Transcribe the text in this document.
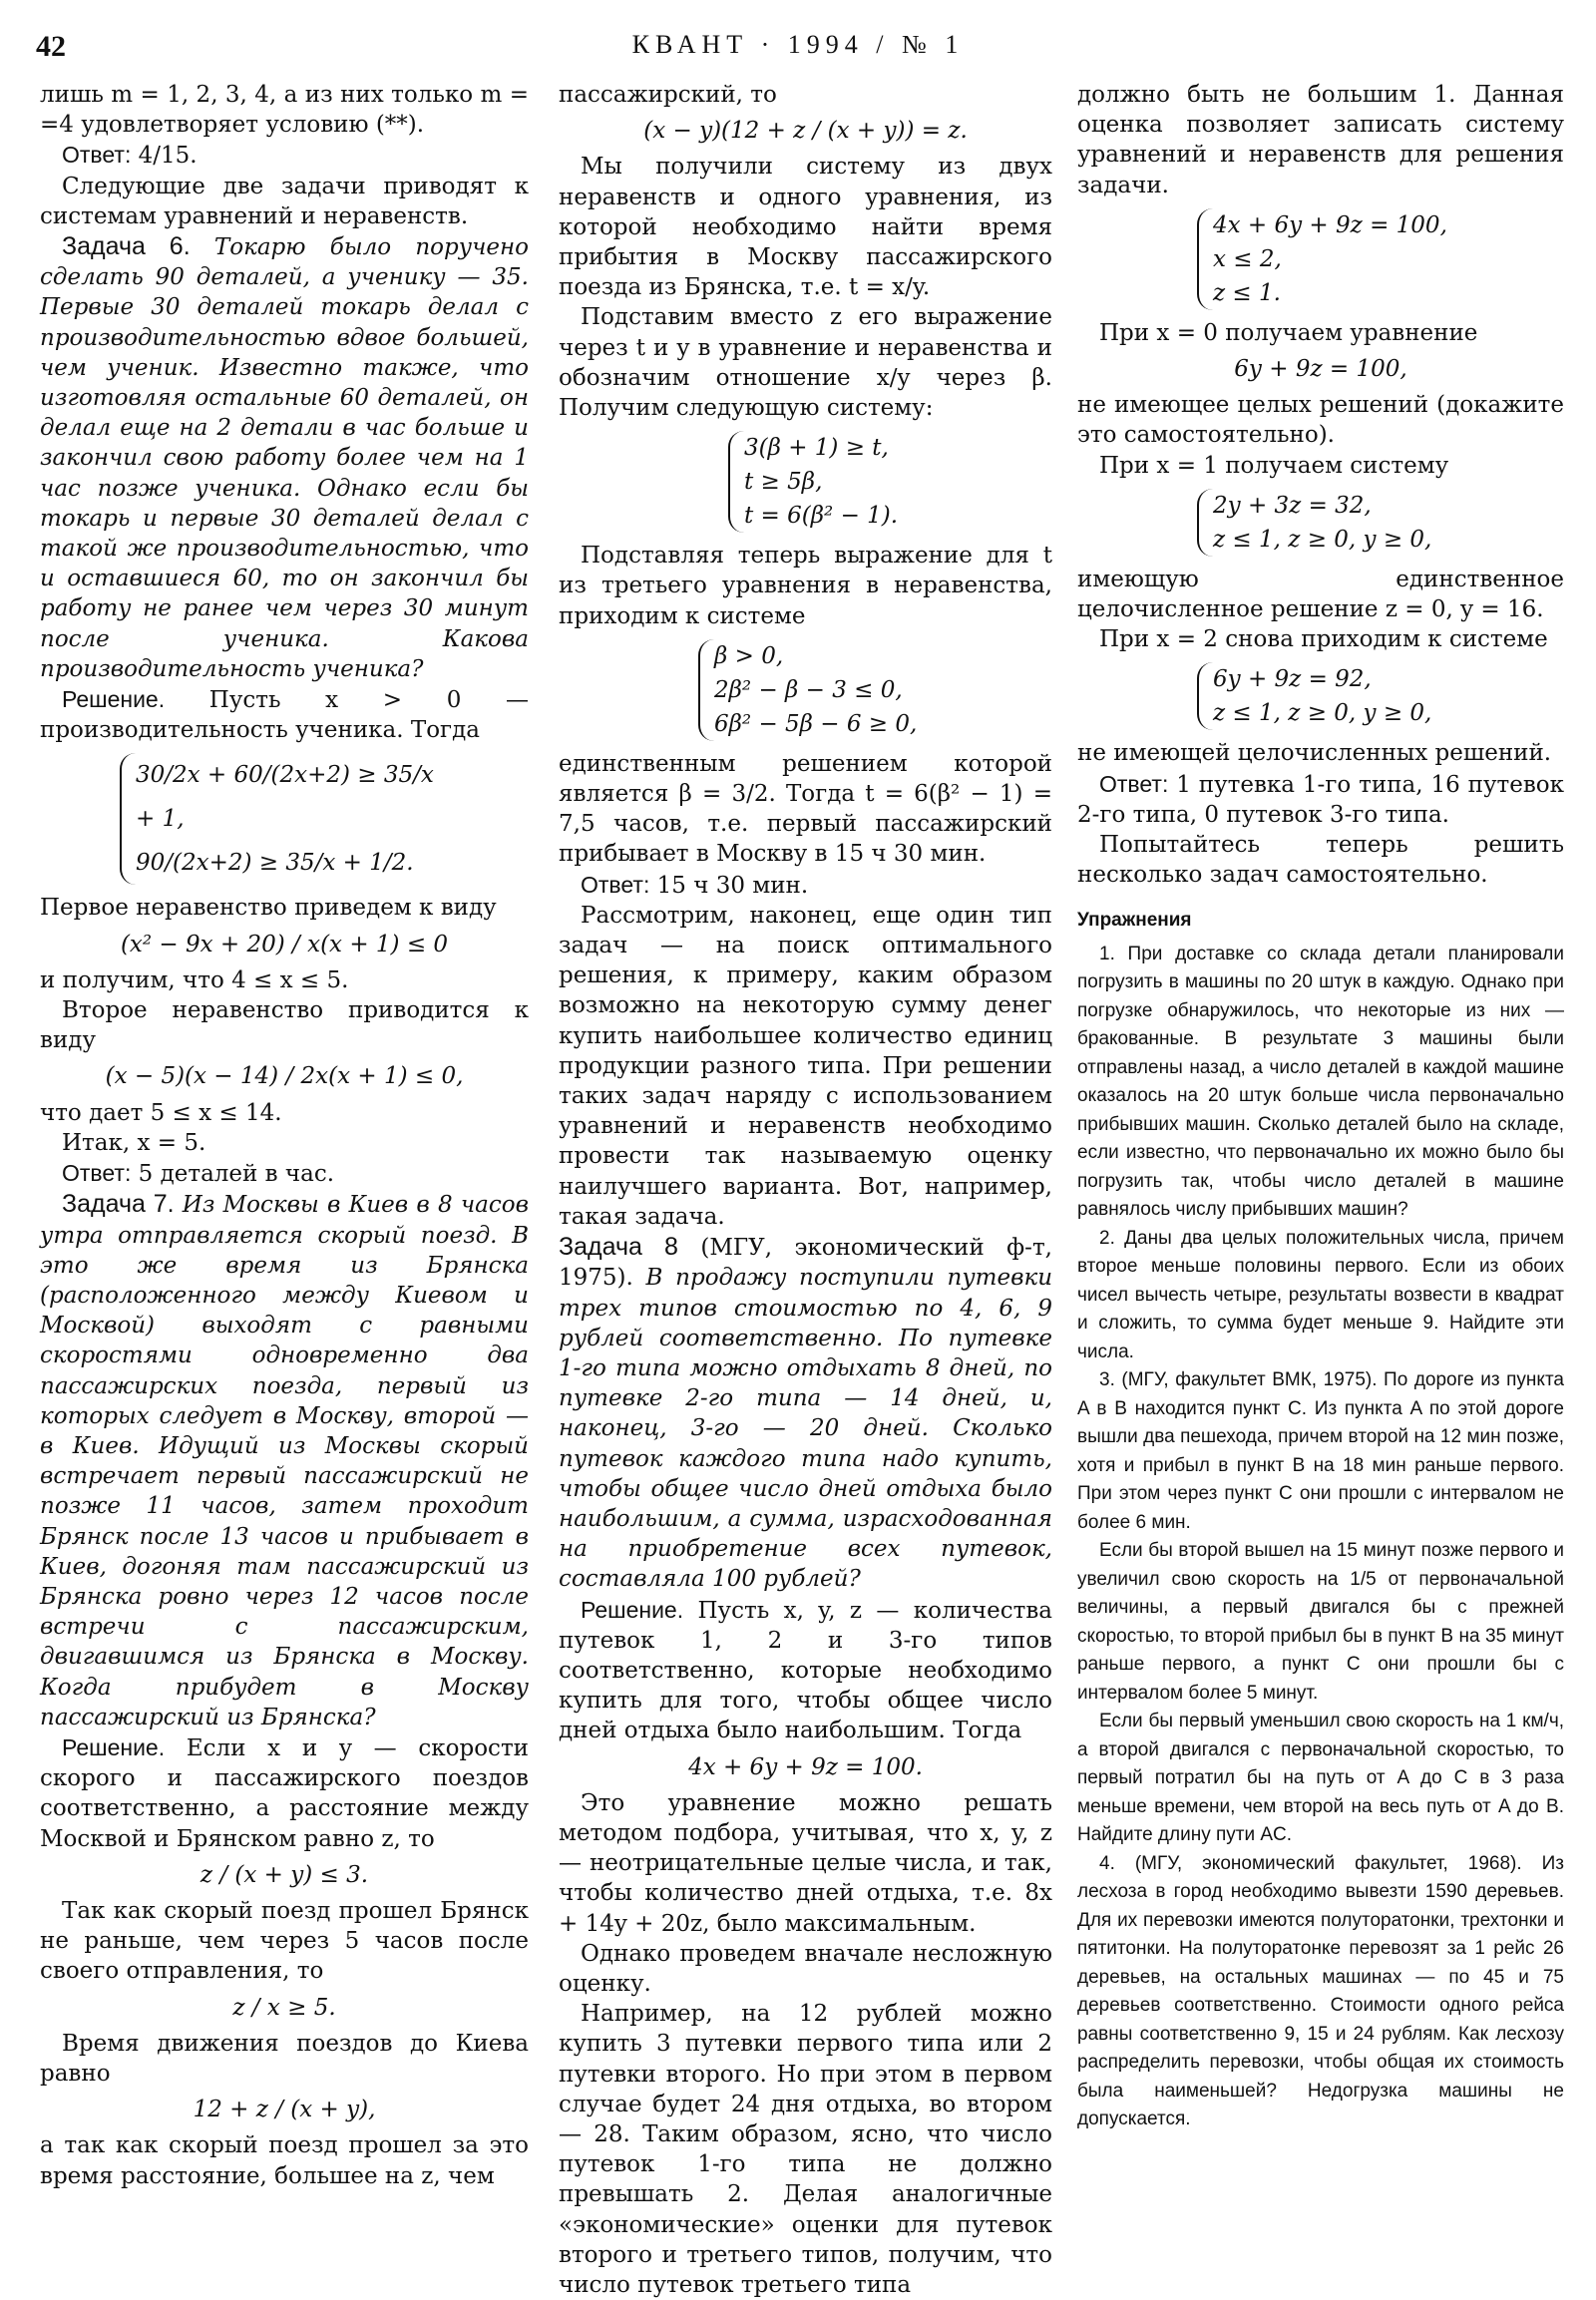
42	КВАНТ · 1994 / № 1

лишь m = 1, 2, 3, 4, а из них только m = =4 удовлетворяет условию (**).

Ответ: 4/15.

Следующие две задачи приводят к системам уравнений и неравенств.

Задача 6. Токарю было поручено сделать 90 деталей, а ученику — 35. Первые 30 деталей токарь делал с производительностью вдвое большей, чем ученик. Известно также, что изготовляя остальные 60 деталей, он делал еще на 2 детали в час больше и закончил свою работу более чем на 1 час позже ученика. Однако если бы токарь и первые 30 деталей делал с такой же производительностью, что и оставшиеся 60, то он закончил бы работу не ранее чем через 30 минут после ученика. Какова производительность ученика?

Решение. Пусть x > 0 — производительность ученика. Тогда

30/2x + 60/(2x+2) ≥ 35/x + 1,
90/(2x+2) ≥ 35/x + 1/2.

Первое неравенство приведем к виду

(x² − 9x + 20) / x(x + 1) ≤ 0

и получим, что 4 ≤ x ≤ 5.

Второе неравенство приводится к виду

(x − 5)(x − 14) / 2x(x + 1) ≤ 0,

что дает 5 ≤ x ≤ 14.

Итак, x = 5.

Ответ: 5 деталей в час.

Задача 7. Из Москвы в Киев в 8 часов утра отправляется скорый поезд. В это же время из Брянска (расположенного между Киевом и Москвой) выходят с равными скоростями одновременно два пассажирских поезда, первый из которых следует в Москву, второй — в Киев. Идущий из Москвы скорый встречает первый пассажирский не позже 11 часов, затем проходит Брянск после 13 часов и прибывает в Киев, догоняя там пассажирский из Брянска ровно через 12 часов после встречи с пассажирским, двигавшимся из Брянска в Москву. Когда прибудет в Москву пассажирский из Брянска?

Решение. Если x и y — скорости скорого и пассажирского поездов соответственно, а расстояние между Москвой и Брянском равно z, то

z / (x + y) ≤ 3.

Так как скорый поезд прошел Брянск не раньше, чем через 5 часов после своего отправления, то

z / x ≥ 5.

Время движения поездов до Киева равно

12 + z / (x + y),

а так как скорый поезд прошел за это время расстояние, большее на z, чем

пассажирский, то

(x − y)(12 + z / (x + y)) = z.

Мы получили систему из двух неравенств и одного уравнения, из которой необходимо найти время прибытия в Москву пассажирского поезда из Брянска, т.е. t = x/y.

Подставим вместо z его выражение через t и y в уравнение и неравенства и обозначим отношение x/y через β. Получим следующую систему:

3(β + 1) ≥ t,
t ≥ 5β,
t = 6(β² − 1).

Подставляя теперь выражение для t из третьего уравнения в неравенства, приходим к системе

β > 0,
2β² − β − 3 ≤ 0,
6β² − 5β − 6 ≥ 0,

единственным решением которой является β = 3/2. Тогда t = 6(β² − 1) = 7,5 часов, т.е. первый пассажирский прибывает в Москву в 15 ч 30 мин.

Ответ: 15 ч 30 мин.

Рассмотрим, наконец, еще один тип задач — на поиск оптимального решения, к примеру, каким образом возможно на некоторую сумму денег купить наибольшее количество единиц продукции разного типа. При решении таких задач наряду с использованием уравнений и неравенств необходимо провести так называемую оценку наилучшего варианта. Вот, например, такая задача.

Задача 8 (МГУ, экономический ф-т, 1975). В продажу поступили путевки трех типов стоимостью по 4, 6, 9 рублей соответственно. По путевке 1-го типа можно отдыхать 8 дней, по путевке 2-го типа — 14 дней, и, наконец, 3-го — 20 дней. Сколько путевок каждого типа надо купить, чтобы общее число дней отдыха было наибольшим, а сумма, израсходованная на приобретение всех путевок, составляла 100 рублей?

Решение. Пусть x, y, z — количества путевок 1, 2 и 3-го типов соответственно, которые необходимо купить для того, чтобы общее число дней отдыха было наибольшим. Тогда

4x + 6y + 9z = 100.

Это уравнение можно решать методом подбора, учитывая, что x, y, z — неотрицательные целые числа, и так, чтобы количество дней отдыха, т.е. 8x + 14y + 20z, было максимальным.

Однако проведем вначале несложную оценку.

Например, на 12 рублей можно купить 3 путевки первого типа или 2 путевки второго. Но при этом в первом случае будет 24 дня отдыха, во втором — 28. Таким образом, ясно, что число путевок 1-го типа не должно превышать 2. Делая аналогичные «экономические» оценки для путевок второго и третьего типов, получим, что число путевок третьего типа

должно быть не большим 1. Данная оценка позволяет записать систему уравнений и неравенств для решения задачи.

4x + 6y + 9z = 100,
x ≤ 2,
z ≤ 1.

При x = 0 получаем уравнение

6y + 9z = 100,

не имеющее целых решений (докажите это самостоятельно).

При x = 1 получаем систему

2y + 3z = 32,
z ≤ 1, z ≥ 0, y ≥ 0,

имеющую единственное целочисленное решение z = 0, y = 16.

При x = 2 снова приходим к системе

6y + 9z = 92,
z ≤ 1, z ≥ 0, y ≥ 0,

не имеющей целочисленных решений.

Ответ: 1 путевка 1-го типа, 16 путевок 2-го типа, 0 путевок 3-го типа.

Попытайтесь теперь решить несколько задач самостоятельно.

Упражнения

1. При доставке со склада детали планировали погрузить в машины по 20 штук в каждую. Однако при погрузке обнаружилось, что некоторые из них — бракованные. В результате 3 машины были отправлены назад, а число деталей в каждой машине оказалось на 20 штук больше числа первоначально прибывших машин. Сколько деталей было на складе, если известно, что первоначально их можно было бы погрузить так, чтобы число деталей в машине равнялось числу прибывших машин?

2. Даны два целых положительных числа, причем второе меньше половины первого. Если из обоих чисел вычесть четыре, результаты возвести в квадрат и сложить, то сумма будет меньше 9. Найдите эти числа.

3. (МГУ, факультет ВМК, 1975). По дороге из пункта A в B находится пункт C. Из пункта A по этой дороге вышли два пешехода, причем второй на 12 мин позже, хотя и прибыл в пункт B на 18 мин раньше первого. При этом через пункт C они прошли с интервалом не более 6 мин.

Если бы второй вышел на 15 минут позже первого и увеличил свою скорость на 1/5 от первоначальной величины, а первый двигался бы с прежней скоростью, то второй прибыл бы в пункт B на 35 минут раньше первого, а пункт C они прошли бы с интервалом более 5 минут.

Если бы первый уменьшил свою скорость на 1 км/ч, а второй двигался с первоначальной скоростью, то первый потратил бы на путь от A до C в 3 раза меньше времени, чем второй на весь путь от A до B. Найдите длину пути AC.

4. (МГУ, экономический факультет, 1968). Из лесхоза в город необходимо вывезти 1590 деревьев. Для их перевозки имеются полуторатонки, трехтонки и пятитонки. На полуторатонке перевозят за 1 рейс 26 деревьев, на остальных машинах — по 45 и 75 деревьев соответственно. Стоимости одного рейса равны соответственно 9, 15 и 24 рублям. Как лесхозу распределить перевозки, чтобы общая их стоимость была наименьшей? Недогрузка машины не допускается.
